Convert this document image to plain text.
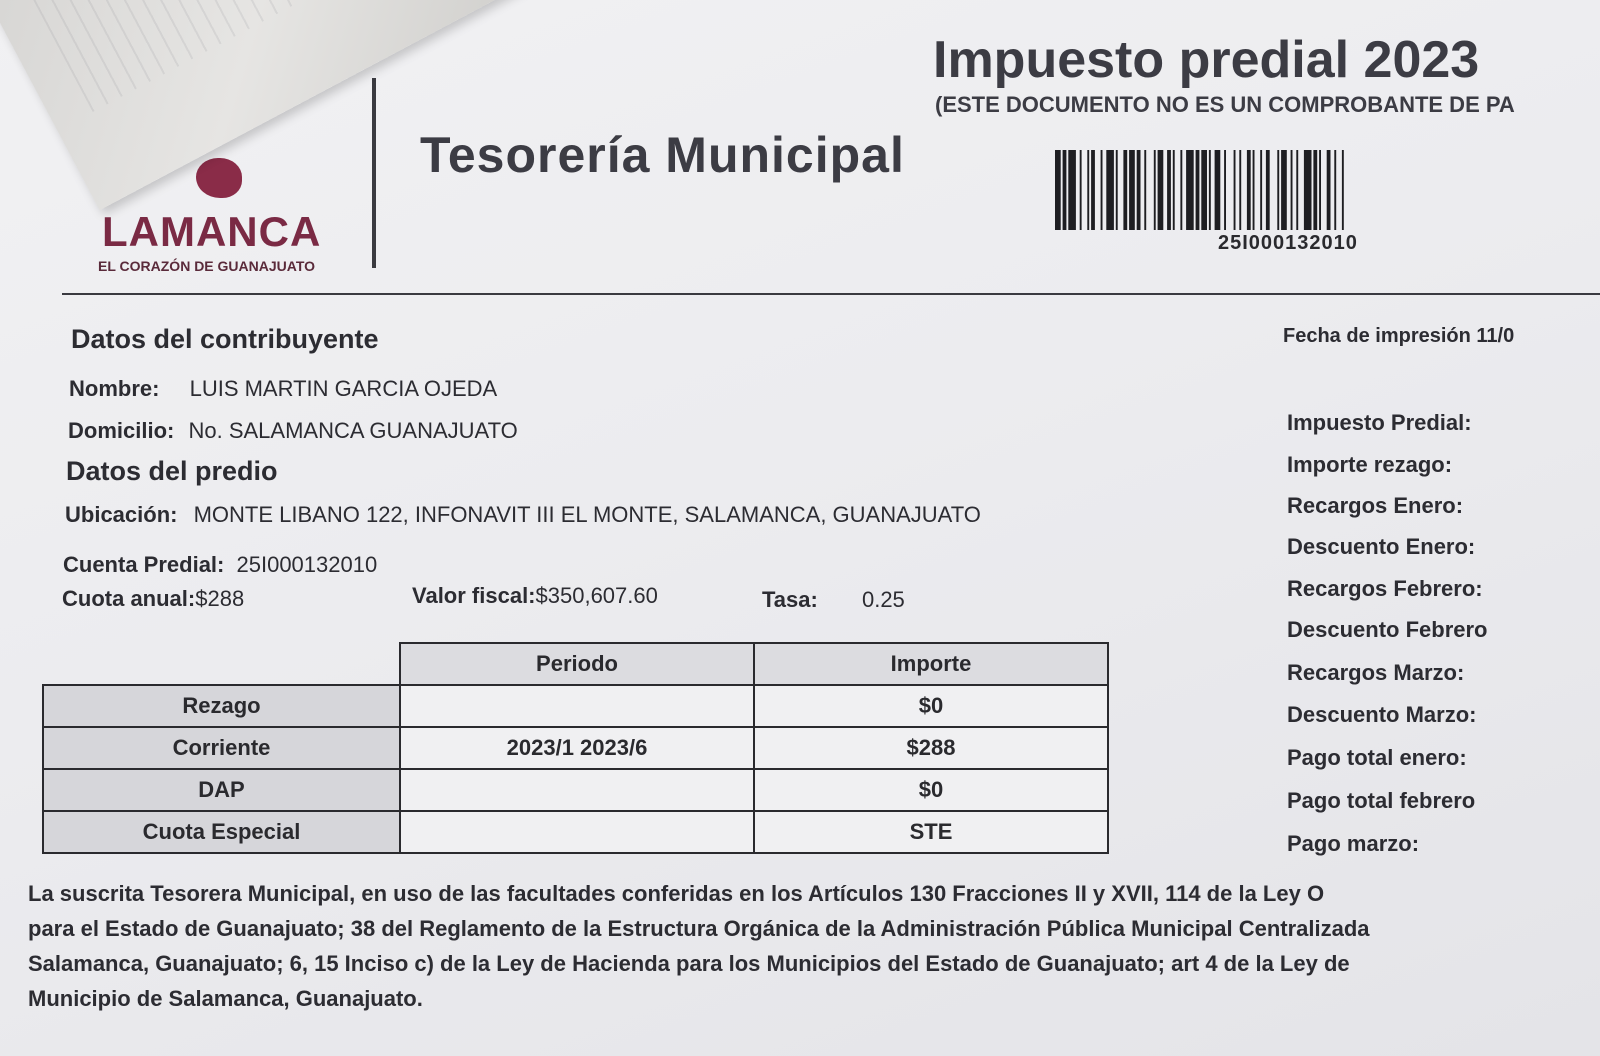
LAMANCA
EL CORAZÓN DE GUANAJUATO
Tesorería Municipal
Impuesto predial 2023
(ESTE DOCUMENTO NO ES UN COMPROBANTE DE PA
25I000132010
Datos del contribuyente	Fecha de impresión 11/0
Nombre: LUIS MARTIN GARCIA OJEDA
Domicilio: No. SALAMANCA GUANAJUATO
Datos del predio
Ubicación: MONTE LIBANO 122, INFONAVIT III EL MONTE, SALAMANCA, GUANAJUATO
Cuenta Predial: 25I000132010
Cuota anual:$288	Valor fiscal:$350,607.60	Tasa: 0.25
Impuesto Predial:
Importe rezago:
Recargos Enero:
Descuento Enero:
Recargos Febrero:
Descuento Febrero
Recargos Marzo:
Descuento Marzo:
Pago total enero:
Pago total febrero
Pago marzo:
	Periodo	Importe
Rezago		$0
Corriente	2023/1 2023/6	$288
DAP		$0
Cuota Especial		STE

La suscrita Tesorera Municipal, en uso de las facultades conferidas en los Artículos 130 Fracciones II y XVII, 114 de la Ley O

para el Estado de Guanajuato; 38 del Reglamento de la Estructura Orgánica de la Administración Pública Municipal Centralizada

Salamanca, Guanajuato; 6, 15 Inciso c) de la Ley de Hacienda para los Municipios del Estado de Guanajuato; art 4 de la Ley de

Municipio de Salamanca, Guanajuato.
